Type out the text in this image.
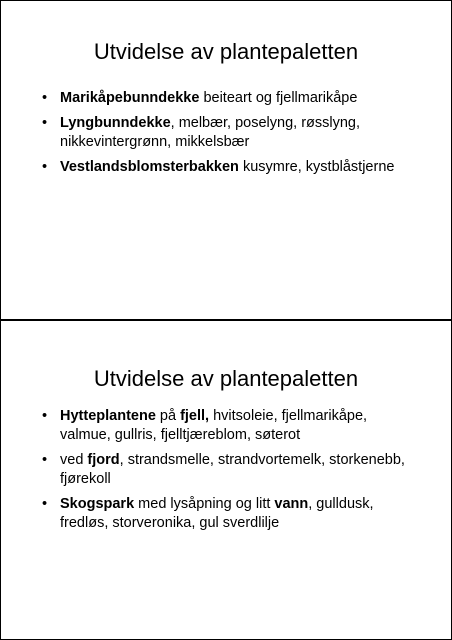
Utvidelse av plantepaletten
• Marikåpebunndekke beiteart og fjellmarikåpe
• Lyngbunndekke, melbær, poselyng, røsslyng, nikkevintergrønn, mikkelsbær
• Vestlandsblomsterbakken kusymre, kystblåstjerne
Utvidelse av plantepaletten
• Hytteplantene på fjell, hvitsoleie, fjellmarikåpe, valmue, gullris, fjelltjæreblom, søterot
• ved fjord, strandsmelle, strandvortemelk, storkenebb, fjørekoll
• Skogspark med lysåpning og litt vann, gulldusk, fredløs, storveronika, gul sverdlilje
